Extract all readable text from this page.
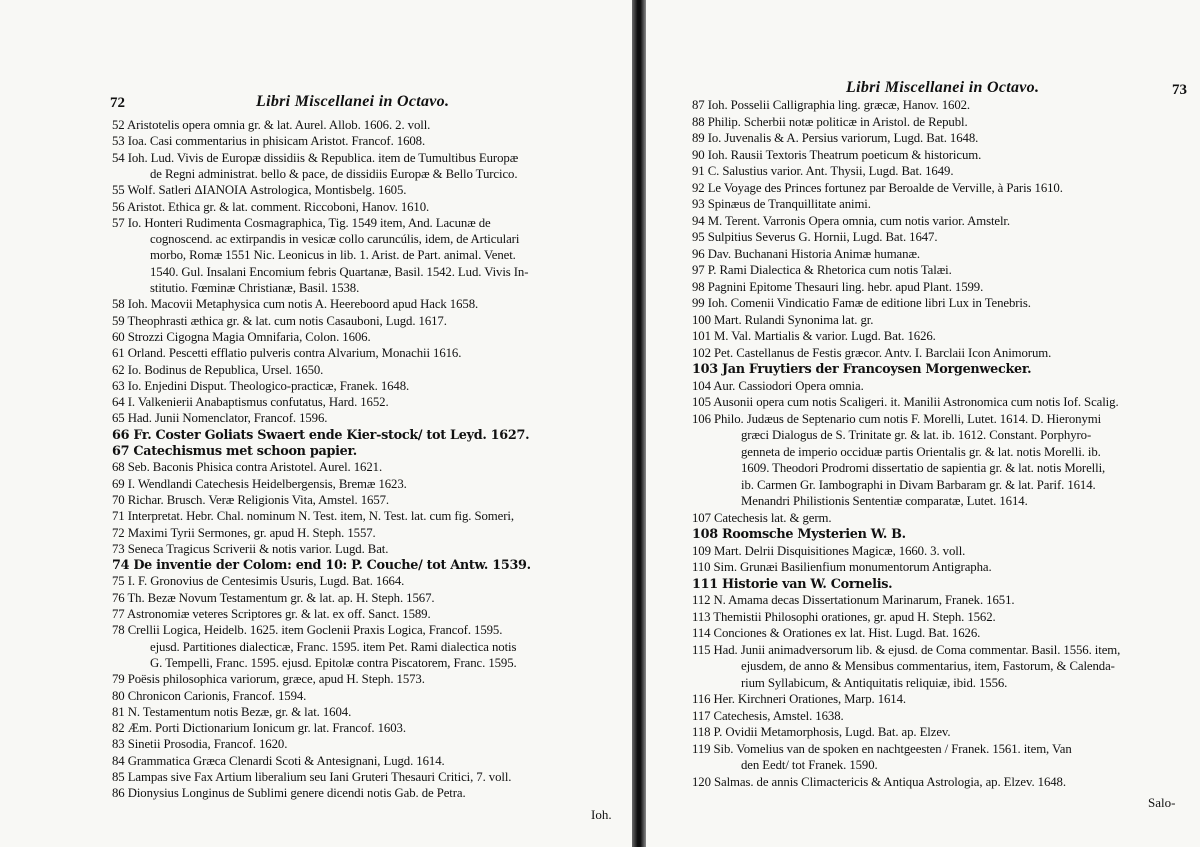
72	Libri Miscellanei in Octavo.
52 Aristotelis opera omnia gr. & lat. Aurel. Allob. 1606. 2. voll.
53 Ioa. Casi commentarius in phisicam Aristot. Francof. 1608.
54 Ioh. Lud. Vivis de Europæ dissidiis & Republica. item de Tumultibus Europæ
de Regni administrat. bello & pace, de dissidiis Europæ & Bello Turcico.
55 Wolf. Satleri ΔΙΑΝΟΙΑ Astrologica, Montisbelg. 1605.
56 Aristot. Ethica gr. & lat. comment. Riccoboni, Hanov. 1610.
57 Io. Honteri Rudimenta Cosmagraphica, Tig. 1549 item, And. Lacunæ de
cognoscend. ac extirpandis in vesicæ collo caruncúlis, idem, de Articulari
morbo, Romæ 1551 Nic. Leonicus in lib. 1. Arist. de Part. animal. Venet.
1540. Gul. Insalani Encomium febris Quartanæ, Basil. 1542. Lud. Vivis In-
stitutio. Fœminæ Christianæ, Basil. 1538.
58 Ioh. Macovii Metaphysica cum notis A. Heereboord apud Hack 1658.
59 Theophrasti æthica gr. & lat. cum notis Casauboni, Lugd. 1617.
60 Strozzi Cigogna Magia Omnifaria, Colon. 1606.
61 Orland. Pescetti efflatio pulveris contra Alvarium, Monachii 1616.
62 Io. Bodinus de Republica, Ursel. 1650.
63 Io. Enjedini Disput. Theologico-practicæ, Franek. 1648.
64 I. Valkenierii Anabaptismus confutatus, Hard. 1652.
65 Had. Junii Nomenclator, Francof. 1596.
66 Fr. Coster Goliats Swaert ende Kier-stock/ tot Leyd. 1627.
67 Catechismus met schoon papier.
68 Seb. Baconis Phisica contra Aristotel. Aurel. 1621.
69 I. Wendlandi Catechesis Heidelbergensis, Bremæ 1623.
70 Richar. Brusch. Veræ Religionis Vita, Amstel. 1657.
71 Interpretat. Hebr. Chal. nominum N. Test. item, N. Test. lat. cum fig. Someri,
72 Maximi Tyrii Sermones, gr. apud H. Steph. 1557.
73 Seneca Tragicus Scriverii & notis varior. Lugd. Bat.
74 De inventie der Colom: end 10: P. Couche/ tot Antw. 1539.
75 I. F. Gronovius de Centesimis Usuris, Lugd. Bat. 1664.
76 Th. Bezæ Novum Testamentum gr. & lat. ap. H. Steph. 1567.
77 Astronomiæ veteres Scriptores gr. & lat. ex off. Sanct. 1589.
78 Crellii Logica, Heidelb. 1625. item Goclenii Praxis Logica, Francof. 1595.
ejusd. Partitiones dialecticæ, Franc. 1595. item Pet. Rami dialectica notis
G. Tempelli, Franc. 1595. ejusd. Epitolæ contra Piscatorem, Franc. 1595.
79 Poësis philosophica variorum, græce, apud H. Steph. 1573.
80 Chronicon Carionis, Francof. 1594.
81 N. Testamentum notis Bezæ, gr. & lat. 1604.
82 Æm. Porti Dictionarium Ionicum gr. lat. Francof. 1603.
83 Sinetii Prosodia, Francof. 1620.
84 Grammatica Græca Clenardi Scoti & Antesignani, Lugd. 1614.
85 Lampas sive Fax Artium liberalium seu Iani Gruteri Thesauri Critici, 7. voll.
86 Dionysius Longinus de Sublimi genere dicendi notis Gab. de Petra.
Ioh.
Libri Miscellanei in Octavo.	73
87 Ioh. Posselii Calligraphia ling. græcæ, Hanov. 1602.
88 Philip. Scherbii notæ politicæ in Aristol. de Republ.
89 Io. Juvenalis & A. Persius variorum, Lugd. Bat. 1648.
90 Ioh. Rausii Textoris Theatrum poeticum & historicum.
91 C. Salustius varior. Ant. Thysii, Lugd. Bat. 1649.
92 Le Voyage des Princes fortunez par Beroalde de Verville, à Paris 1610.
93 Spinæus de Tranquillitate animi.
94 M. Terent. Varronis Opera omnia, cum notis varior. Amstelr.
95 Sulpitius Severus G. Hornii, Lugd. Bat. 1647.
96 Dav. Buchanani Historia Animæ humanæ.
97 P. Rami Dialectica & Rhetorica cum notis Talæi.
98 Pagnini Epitome Thesauri ling. hebr. apud Plant. 1599.
99 Ioh. Comenii Vindicatio Famæ de editione libri Lux in Tenebris.
100 Mart. Rulandi Synonima lat. gr.
101 M. Val. Martialis & varior. Lugd. Bat. 1626.
102 Pet. Castellanus de Festis græcor. Antv. I. Barclaii Icon Animorum.
103 Jan Fruytiers der Francoysen Morgenwecker.
104 Aur. Cassiodori Opera omnia.
105 Ausonii opera cum notis Scaligeri. it. Manilii Astronomica cum notis Iof. Scalig.
106 Philo. Judæus de Septenario cum notis F. Morelli, Lutet. 1614. D. Hieronymi
græci Dialogus de S. Trinitate gr. & lat. ib. 1612. Constant. Porphyro-
genneta de imperio occiduæ partis Orientalis gr. & lat. notis Morelli. ib.
1609. Theodori Prodromi dissertatio de sapientia gr. & lat. notis Morelli,
ib. Carmen Gr. Iambographi in Divam Barbaram gr. & lat. Parif. 1614.
Menandri Philistionis Sententiæ comparatæ, Lutet. 1614.
107 Catechesis lat. & germ.
108 Roomsche Mysterien W. B.
109 Mart. Delrii Disquisitiones Magicæ, 1660. 3. voll.
110 Sim. Grunæi Basilienfium monumentorum Antigrapha.
111 Historie van W. Cornelis.
112 N. Amama decas Dissertationum Marinarum, Franek. 1651.
113 Themistii Philosophi orationes, gr. apud H. Steph. 1562.
114 Conciones & Orationes ex lat. Hist. Lugd. Bat. 1626.
115 Had. Junii animadversorum lib. & ejusd. de Coma commentar. Basil. 1556. item,
ejusdem, de anno & Mensibus commentarius, item, Fastorum, & Calenda-
rium Syllabicum, & Antiquitatis reliquiæ, ibid. 1556.
116 Her. Kirchneri Orationes, Marp. 1614.
117 Catechesis, Amstel. 1638.
118 P. Ovidii Metamorphosis, Lugd. Bat. ap. Elzev.
119 Sib. Vomelius van de spoken en nachtgeesten / Franek. 1561. item, Van
den Eedt/ tot Franek. 1590.
120 Salmas. de annis Climactericis & Antiqua Astrologia, ap. Elzev. 1648.
Salo-
